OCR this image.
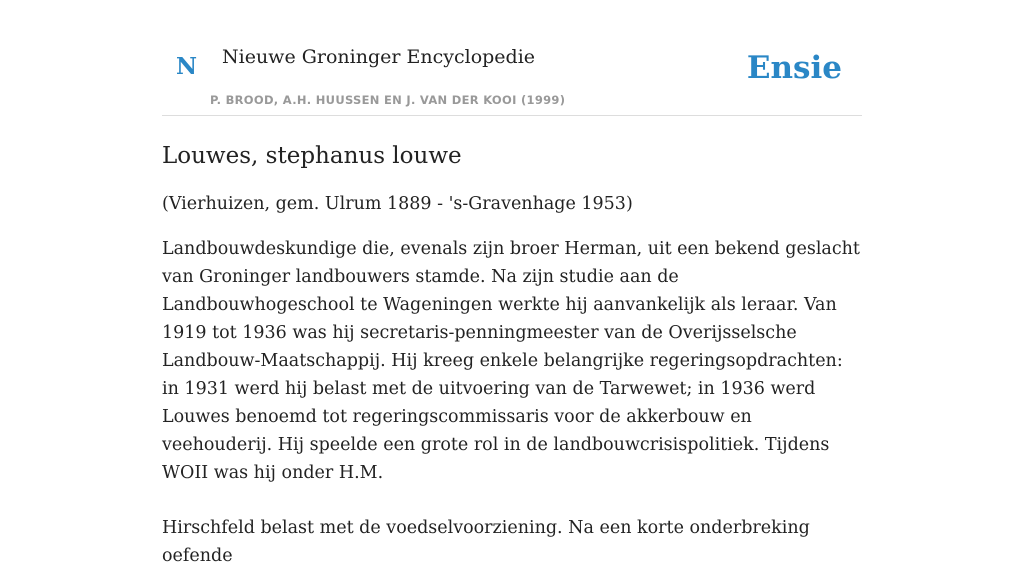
N Nieuwe Groninger Encyclopedie
P. BROOD, A.H. HUUSSEN EN J. VAN DER KOOI (1999)
Ensie
Louwes, stephanus louwe

(Vierhuizen, gem. Ulrum 1889 - 's-Gravenhage 1953)

Landbouwdeskundige die, evenals zijn broer Herman, uit een bekend geslacht van Groninger landbouwers stamde. Na zijn studie aan de Landbouwhogeschool te Wageningen werkte hij aanvankelijk als leraar. Van 1919 tot 1936 was hij secretaris-penningmeester van de Overijsselsche Landbouw-Maatschappij. Hij kreeg enkele belangrijke regeringsopdrachten: in 1931 werd hij belast met de uitvoering van de Tarwewet; in 1936 werd Louwes benoemd tot regeringscommissaris voor de akkerbouw en veehouderij. Hij speelde een grote rol in de landbouwcrisispolitiek. Tijdens WOII was hij onder H.M.

Hirschfeld belast met de voedselvoorziening. Na een korte onderbreking oefende
